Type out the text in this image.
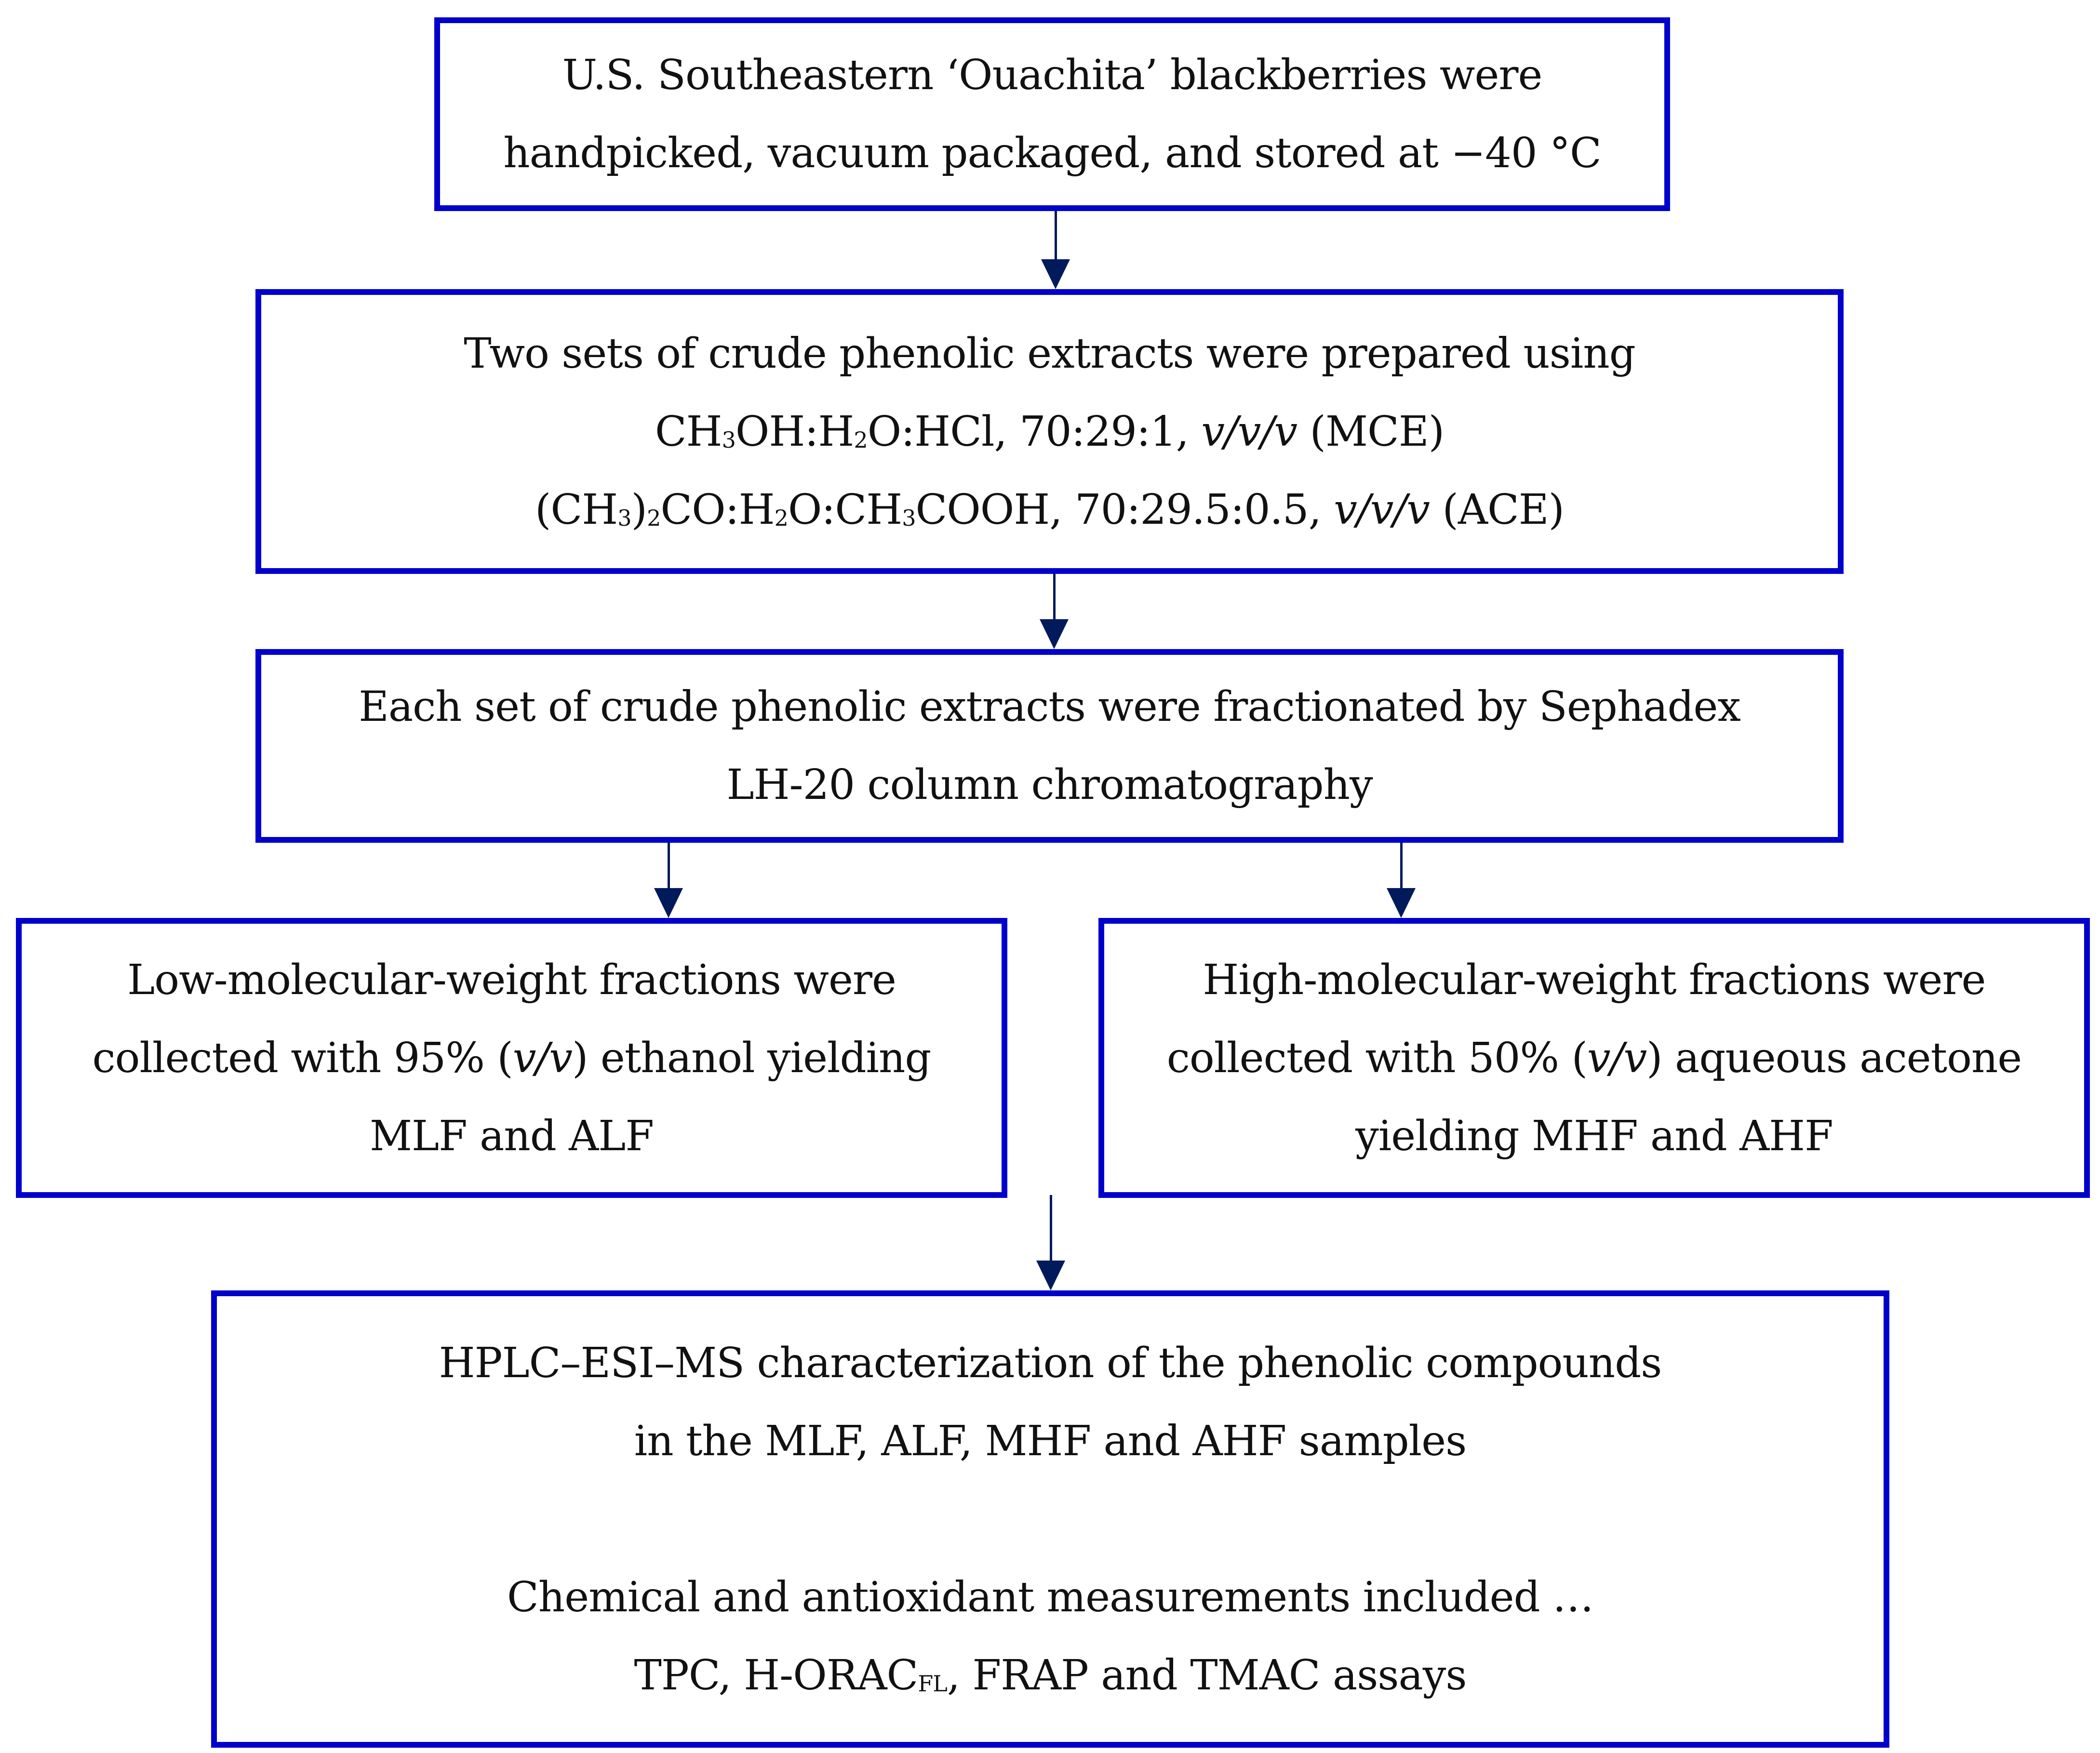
U.S. Southeastern ‘Ouachita’ blackberries were
handpicked, vacuum packaged, and stored at −40 °C
Two sets of crude phenolic extracts were prepared using
$CH_3OH:H_2O:HCl$, 70:29:1, v/v/v (MCE)
$(CH_3)_2CO:H_2O:CH_3COOH$, 70:29.5:0.5, v/v/v (ACE)
Each set of crude phenolic extracts were fractionated by Sephadex
LH-20 column chromatography
Low-molecular-weight fractions were
collected with 95% (v/v) ethanol yielding
MLF and ALF
High-molecular-weight fractions were
collected with 50% (v/v) aqueous acetone
yielding MHF and AHF
HPLC–ESI–MS characterization of the phenolic compounds
in the MLF, ALF, MHF and AHF samples
Chemical and antioxidant measurements included …
TPC, $H-ORAC_{FL}$, FRAP and TMAC assays
